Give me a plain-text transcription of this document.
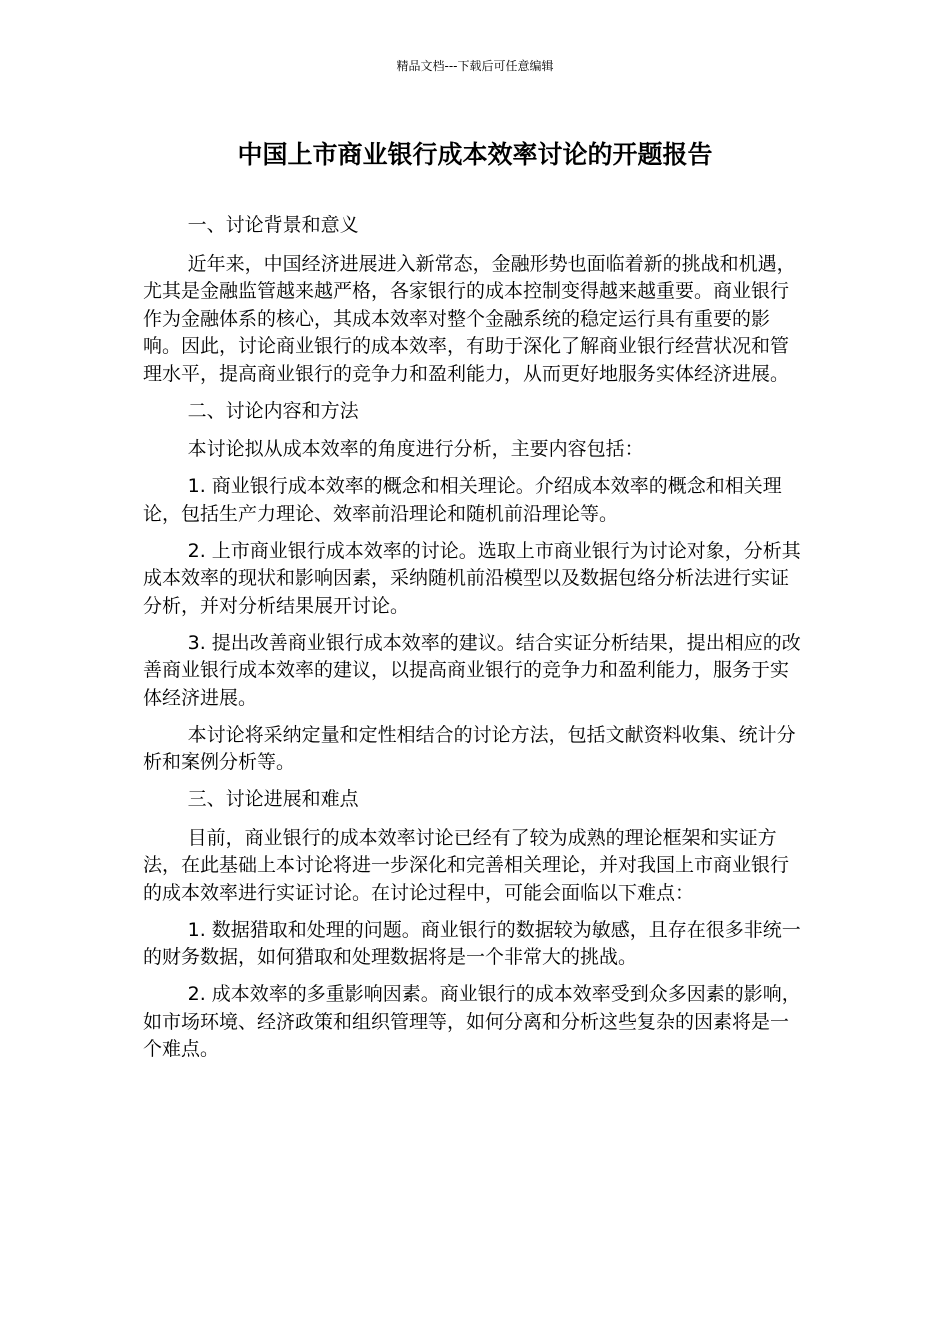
精品文档---下载后可任意编辑
中国上市商业银行成本效率讨论的开题报告

一、讨论背景和意义

近年来，中国经济进展进入新常态，金融形势也面临着新的挑战和机遇，尤其是金融监管越来越严格，各家银行的成本控制变得越来越重要。商业银行作为金融体系的核心，其成本效率对整个金融系统的稳定运行具有重要的影响。因此，讨论商业银行的成本效率，有助于深化了解商业银行经营状况和管理水平，提高商业银行的竞争力和盈利能力，从而更好地服务实体经济进展。

二、讨论内容和方法

本讨论拟从成本效率的角度进行分析，主要内容包括：

1. 商业银行成本效率的概念和相关理论。介绍成本效率的概念和相关理论，包括生产力理论、效率前沿理论和随机前沿理论等。

2. 上市商业银行成本效率的讨论。选取上市商业银行为讨论对象，分析其成本效率的现状和影响因素，采纳随机前沿模型以及数据包络分析法进行实证分析，并对分析结果展开讨论。

3. 提出改善商业银行成本效率的建议。结合实证分析结果，提出相应的改善商业银行成本效率的建议，以提高商业银行的竞争力和盈利能力，服务于实体经济进展。

本讨论将采纳定量和定性相结合的讨论方法，包括文献资料收集、统计分析和案例分析等。

三、讨论进展和难点

目前，商业银行的成本效率讨论已经有了较为成熟的理论框架和实证方法，在此基础上本讨论将进一步深化和完善相关理论，并对我国上市商业银行的成本效率进行实证讨论。在讨论过程中，可能会面临以下难点：

1. 数据猎取和处理的问题。商业银行的数据较为敏感，且存在很多非统一的财务数据，如何猎取和处理数据将是一个非常大的挑战。

2. 成本效率的多重影响因素。商业银行的成本效率受到众多因素的影响，如市场环境、经济政策和组织管理等，如何分离和分析这些复杂的因素将是一个难点。
